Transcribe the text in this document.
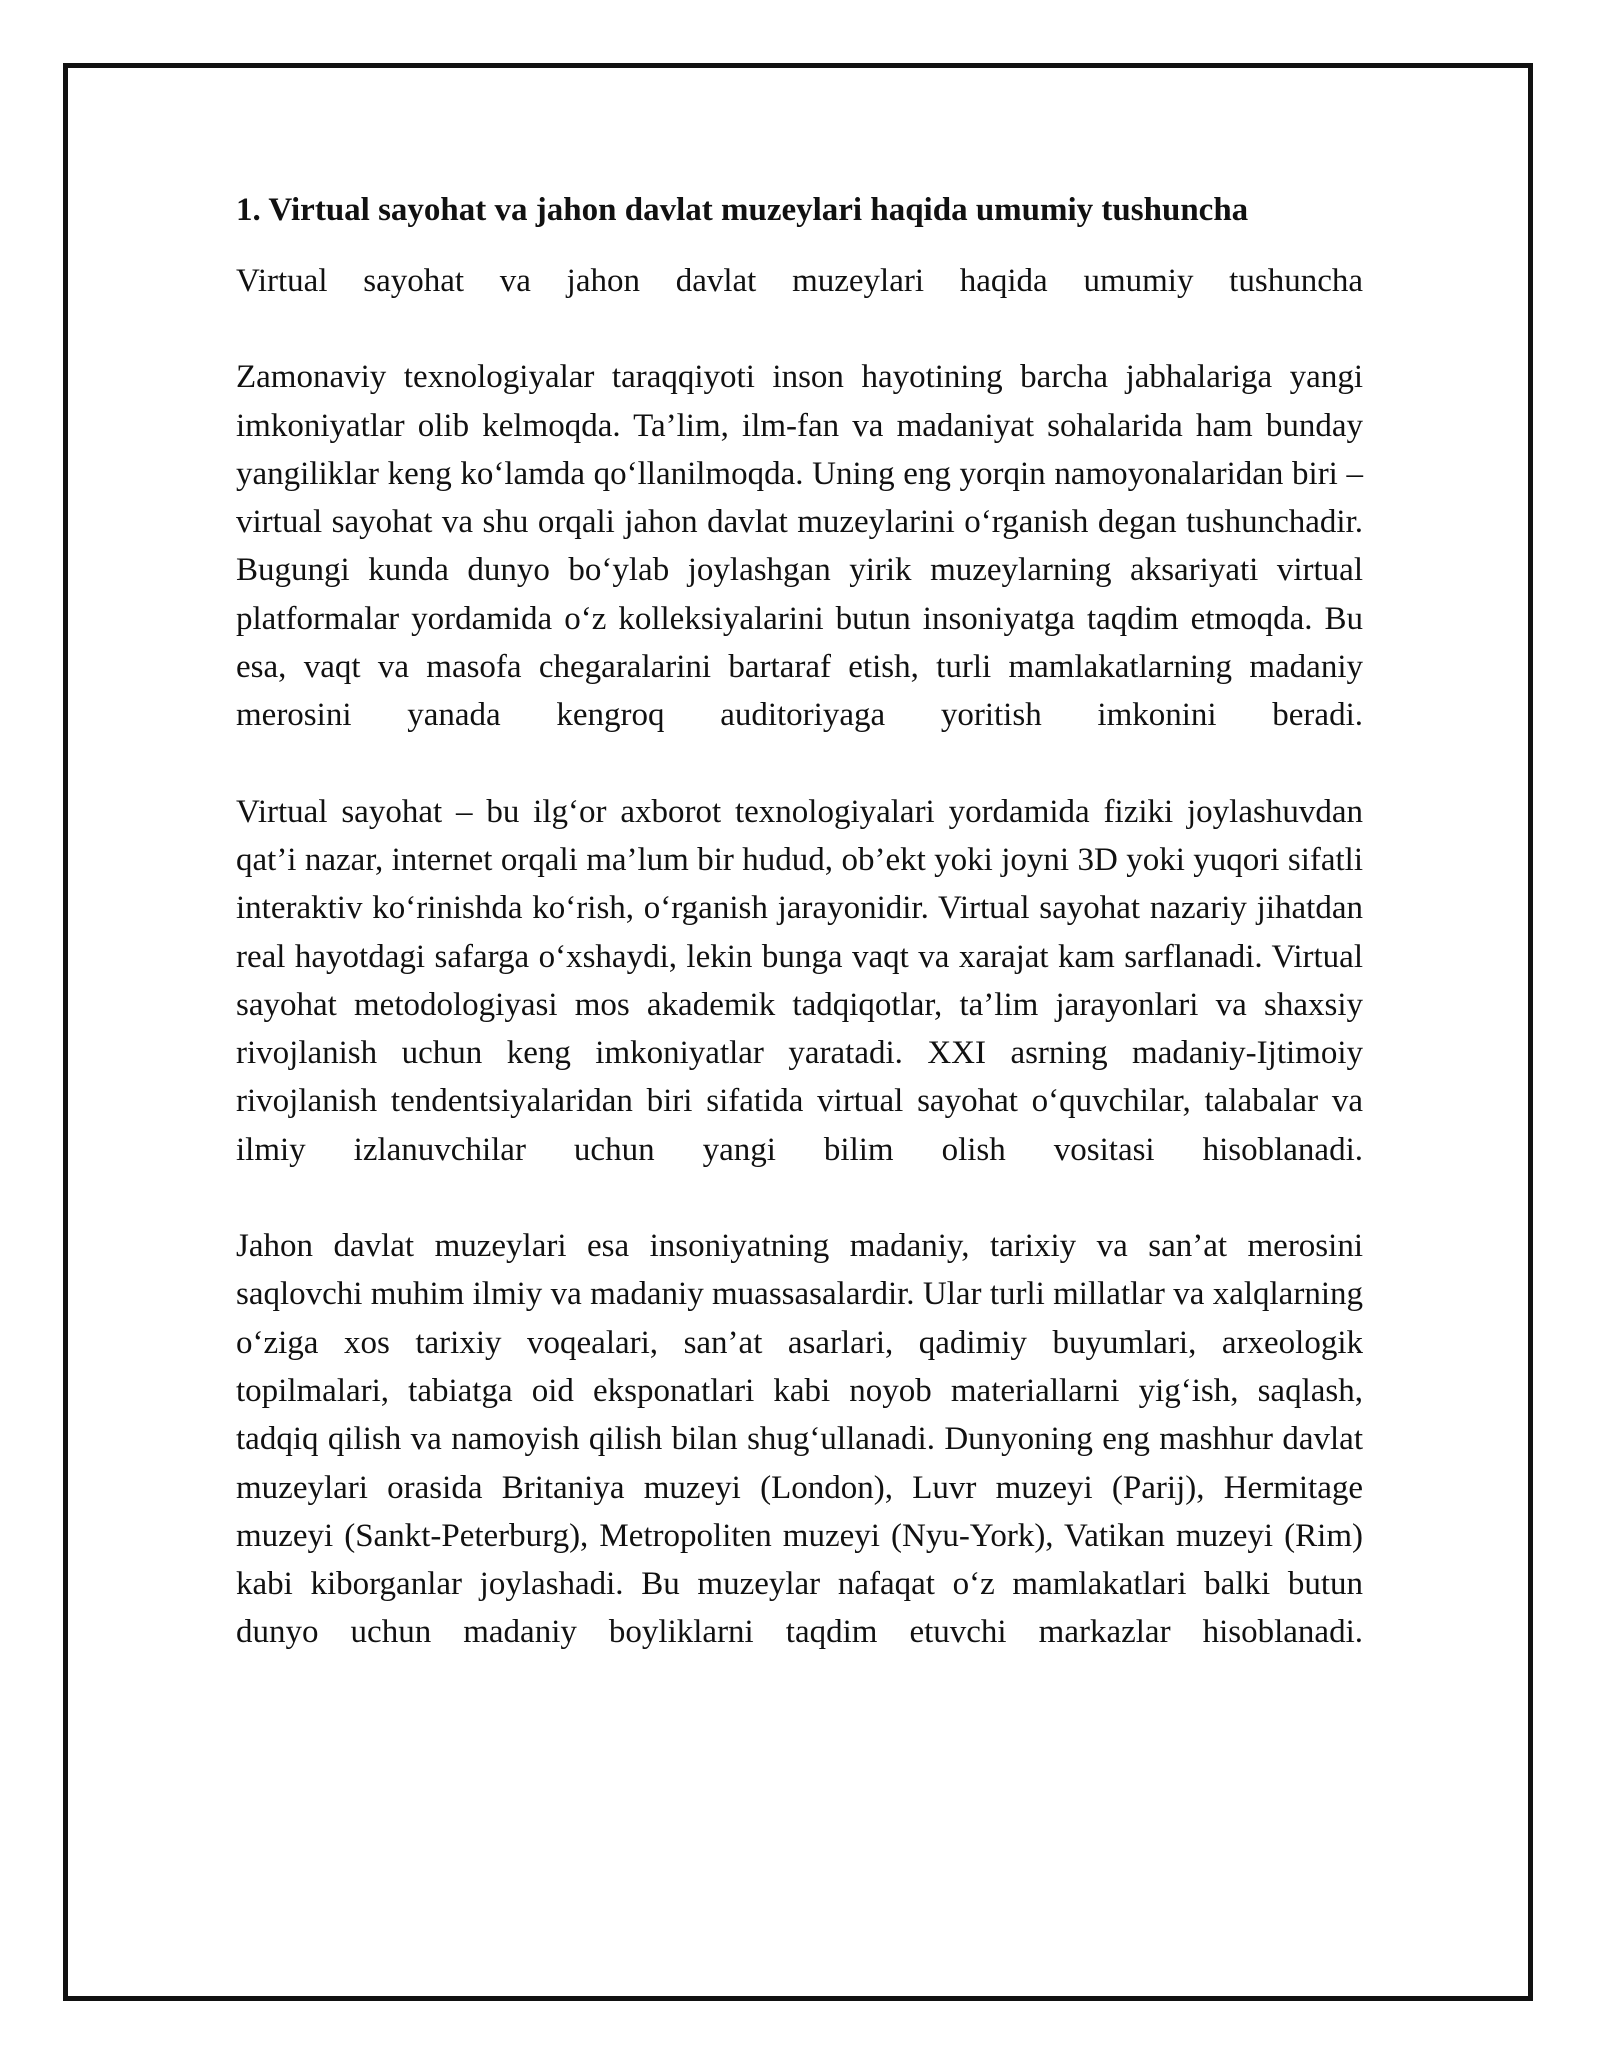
1. Virtual sayohat va jahon davlat muzeylari haqida umumiy tushuncha

Virtual sayohat va jahon davlat muzeylari haqida umumiy tushuncha

Zamonaviy texnologiyalar taraqqiyoti inson hayotining barcha jabhalariga yangi imkoniyatlar olib kelmoqda. Ta’lim, ilm-fan va madaniyat sohalarida ham bunday yangiliklar keng ko‘lamda qo‘llanilmoqda. Uning eng yorqin namoyonalaridan biri – virtual sayohat va shu orqali jahon davlat muzeylarini o‘rganish degan tushunchadir. Bugungi kunda dunyo bo‘ylab joylashgan yirik muzeylarning aksariyati virtual platformalar yordamida o‘z kolleksiyalarini butun insoniyatga taqdim etmoqda. Bu esa, vaqt va masofa chegaralarini bartaraf etish, turli mamlakatlarning madaniy merosini yanada kengroq auditoriyaga yoritish imkonini beradi.

Virtual sayohat – bu ilg‘or axborot texnologiyalari yordamida fiziki joylashuvdan qat’i nazar, internet orqali ma’lum bir hudud, ob’ekt yoki joyni 3D yoki yuqori sifatli interaktiv ko‘rinishda ko‘rish, o‘rganish jarayonidir. Virtual sayohat nazariy jihatdan real hayotdagi safarga o‘xshaydi, lekin bunga vaqt va xarajat kam sarflanadi. Virtual sayohat metodologiyasi mos akademik tadqiqotlar, ta’lim jarayonlari va shaxsiy rivojlanish uchun keng imkoniyatlar yaratadi. XXI asrning madaniy-Ijtimoiy rivojlanish tendentsiyalaridan biri sifatida virtual sayohat o‘quvchilar, talabalar va ilmiy izlanuvchilar uchun yangi bilim olish vositasi hisoblanadi.

Jahon davlat muzeylari esa insoniyatning madaniy, tarixiy va san’at merosini saqlovchi muhim ilmiy va madaniy muassasalardir. Ular turli millatlar va xalqlarning o‘ziga xos tarixiy voqealari, san’at asarlari, qadimiy buyumlari, arxeologik topilmalari, tabiatga oid eksponatlari kabi noyob materiallarni yig‘ish, saqlash, tadqiq qilish va namoyish qilish bilan shug‘ullanadi. Dunyoning eng mashhur davlat muzeylari orasida Britaniya muzeyi (London), Luvr muzeyi (Parij), Hermitage muzeyi (Sankt-Peterburg), Metropoliten muzeyi (Nyu-York), Vatikan muzeyi (Rim) kabi kiborganlar joylashadi. Bu muzeylar nafaqat o‘z mamlakatlari balki butun dunyo uchun madaniy boyliklarni taqdim etuvchi markazlar hisoblanadi.
